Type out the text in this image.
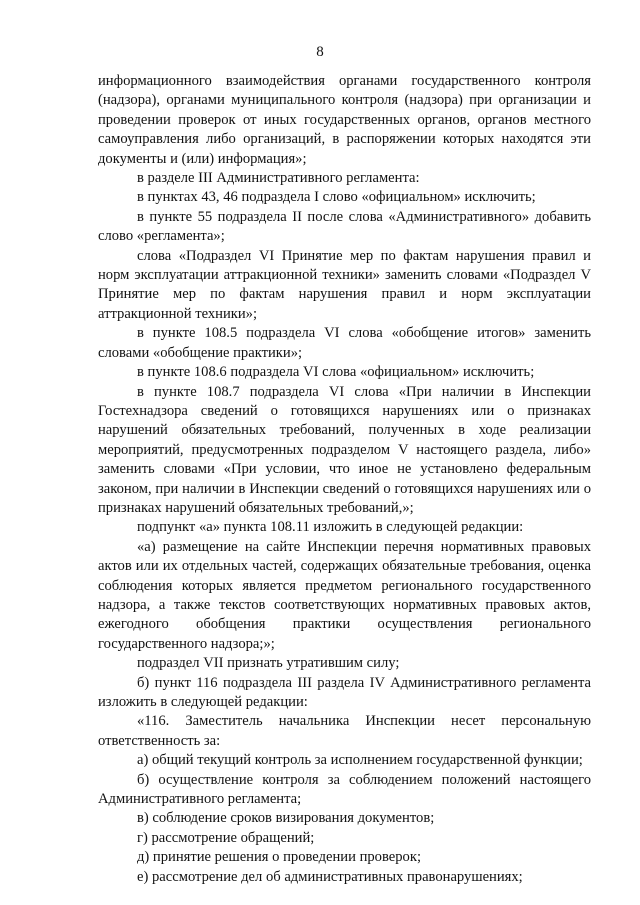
8

информационного взаимодействия органами государственного контроля (надзора), органами муниципального контроля (надзора) при организации и проведении проверок от иных государственных органов, органов местного самоуправления либо организаций, в распоряжении которых находятся эти документы и (или) информация»;

в разделе III Административного регламента:

в пунктах 43, 46 подраздела I слово «официальном» исключить;

в пункте 55 подраздела II после слова «Административного» добавить слово «регламента»;

слова «Подраздел VI Принятие мер по фактам нарушения правил и норм эксплуатации аттракционной техники» заменить словами «Подраздел V Принятие мер по фактам нарушения правил и норм эксплуатации аттракционной техники»;

в пункте 108.5 подраздела VI слова «обобщение итогов» заменить словами «обобщение практики»;

в пункте 108.6 подраздела VI слова «официальном» исключить;

в пункте 108.7 подраздела VI слова «При наличии в Инспекции Гостехнадзора сведений о готовящихся нарушениях или о признаках нарушений обязательных требований, полученных в ходе реализации мероприятий, предусмотренных подразделом V настоящего раздела, либо» заменить словами «При условии, что иное не установлено федеральным законом, при наличии в Инспекции сведений о готовящихся нарушениях или о признаках нарушений обязательных требований,»;

подпункт «а» пункта 108.11 изложить в следующей редакции:

«а) размещение на сайте Инспекции перечня нормативных правовых актов или их отдельных частей, содержащих обязательные требования, оценка соблюдения которых является предметом регионального государственного надзора, а также текстов соответствующих нормативных правовых актов, ежегодного обобщения практики осуществления регионального государственного надзора;»;

подраздел VII признать утратившим силу;

б) пункт 116 подраздела III раздела IV Административного регламента изложить в следующей редакции:

«116. Заместитель начальника Инспекции несет персональную ответственность за:

а) общий текущий контроль за исполнением государственной функции;

б) осуществление контроля за соблюдением положений настоящего Административного регламента;

в) соблюдение сроков визирования документов;

г) рассмотрение обращений;

д) принятие решения о проведении проверок;

е) рассмотрение дел об административных правонарушениях;
